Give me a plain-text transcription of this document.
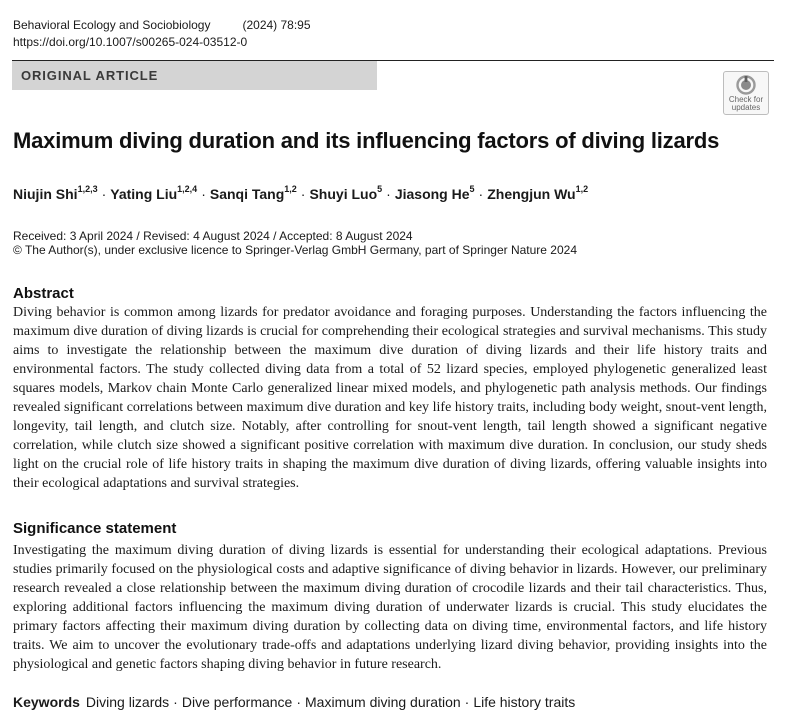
Behavioral Ecology and Sociobiology	(2024) 78:95
https://doi.org/10.1007/s00265-024-03512-0
ORIGINAL ARTICLE
Check for
updates
Maximum diving duration and its influencing factors of diving lizards
Niujin Shi$^{1,2,3}$ · Yating Liu$^{1,2,4}$ · Sanqi Tang$^{1,2}$ · Shuyi Luo$^5$ · Jiasong $He^5$ · Zhengjun Wu$^{1,2}$
Received: 3 April 2024 / Revised: 4 August 2024 / Accepted: 8 August 2024
© The Author(s), under exclusive licence to Springer-Verlag GmbH Germany, part of Springer Nature 2024
Abstract

Diving behavior is common among lizards for predator avoidance and foraging purposes. Understanding the factors influencing the maximum dive duration of diving lizards is crucial for comprehending their ecological strategies and survival mechanisms. This study aims to investigate the relationship between the maximum dive duration of diving lizards and their life history traits and environmental factors. The study collected diving data from a total of 52 lizard species, employed phylogenetic generalized least squares models, Markov chain Monte Carlo generalized linear mixed models, and phylogenetic path analysis methods. Our findings revealed significant correlations between maximum dive duration and key life history traits, including body weight, snout-vent length, longevity, tail length, and clutch size. Notably, after controlling for snout-vent length, tail length showed a significant negative correlation, while clutch size showed a significant positive correlation with maximum dive duration. In conclusion, our study sheds light on the crucial role of life history traits in shaping the maximum dive duration of diving lizards, offering valuable insights into their ecological adaptations and survival strategies.

Significance statement

Investigating the maximum diving duration of diving lizards is essential for understanding their ecological adaptations. Previous studies primarily focused on the physiological costs and adaptive significance of diving behavior in lizards. However, our preliminary research revealed a close relationship between the maximum diving duration of crocodile lizards and their tail characteristics. Thus, exploring additional factors influencing the maximum diving duration of underwater lizards is crucial. This study elucidates the primary factors affecting their maximum diving duration by collecting data on diving time, environmental factors, and life history traits. We aim to uncover the evolutionary trade-offs and adaptations underlying lizard diving behavior, providing insights into the physiological and genetic factors shaping diving behavior in future research.

Keywords Diving lizards · Dive performance · Maximum diving duration · Life history traits
